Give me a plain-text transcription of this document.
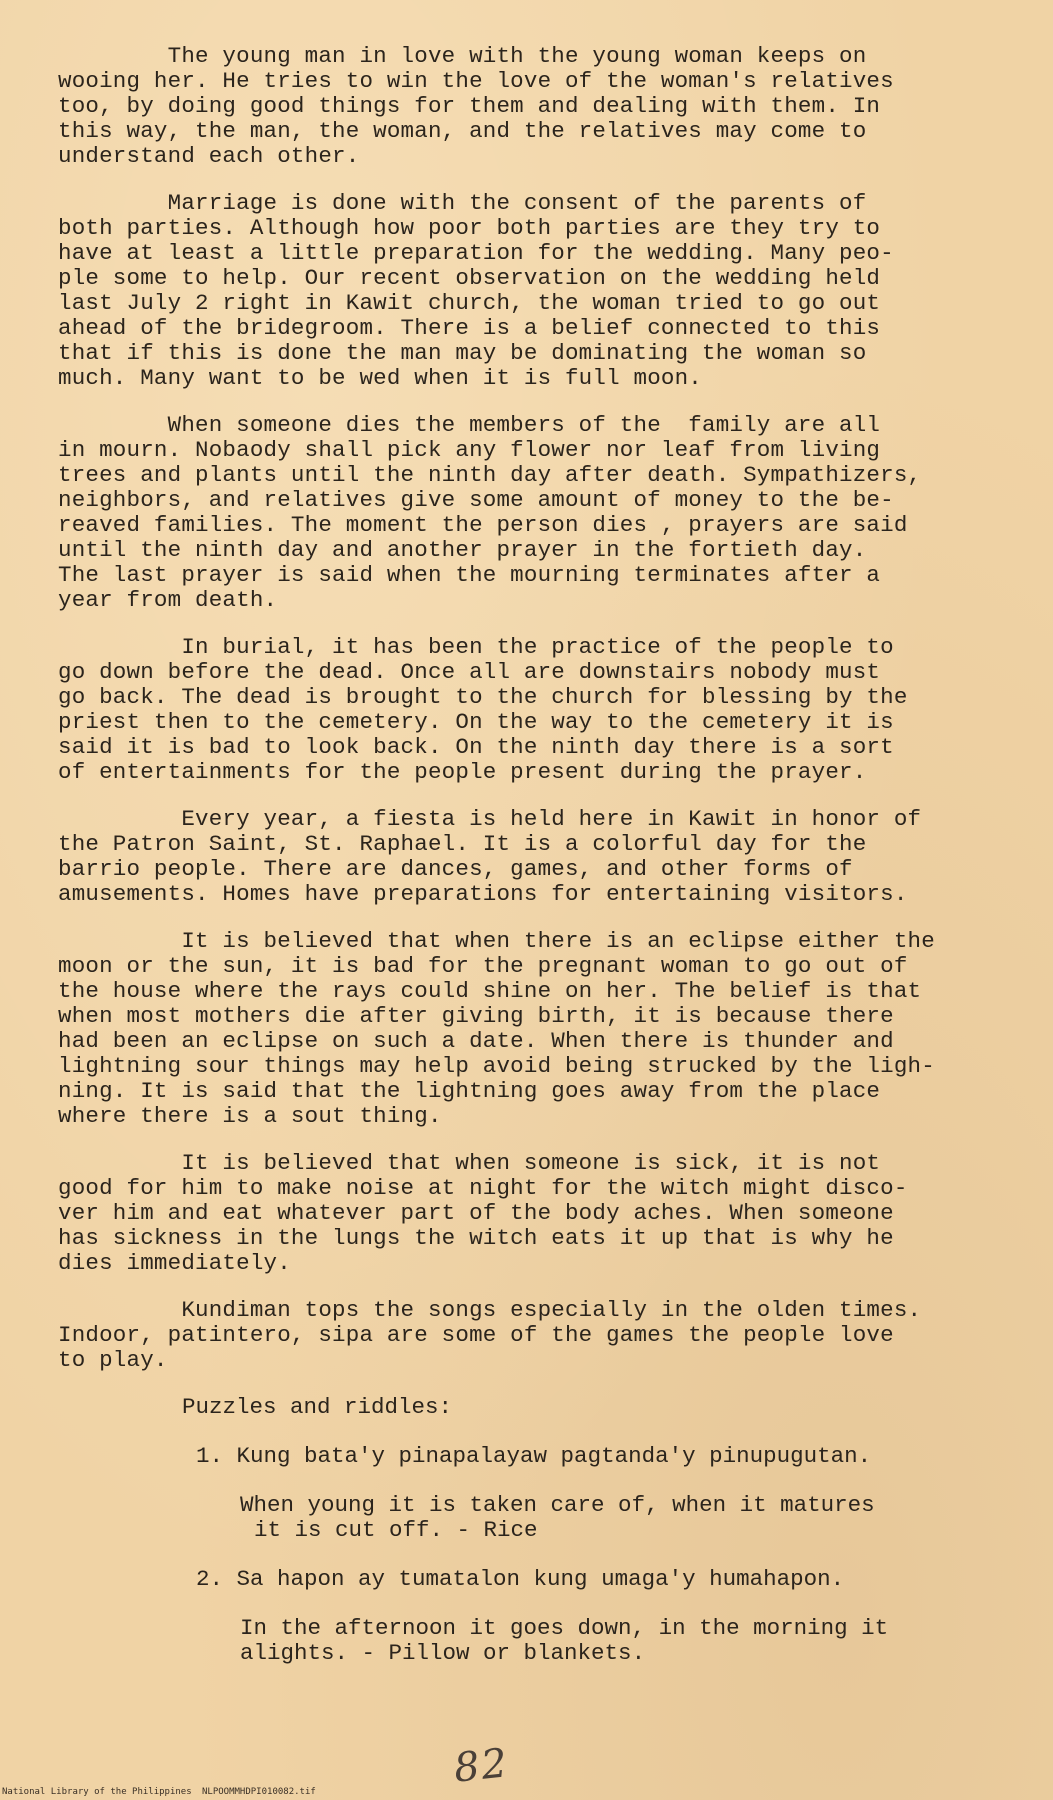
The young man in love with the young woman keeps on
wooing her. He tries to win the love of the woman's relatives
too, by doing good things for them and dealing with them. In
this way, the man, the woman, and the relatives may come to
understand each other.
Marriage is done with the consent of the parents of
both parties. Although how poor both parties are they try to
have at least a little preparation for the wedding. Many peo-
ple some to help. Our recent observation on the wedding held
last July 2 right in Kawit church, the woman tried to go out
ahead of the bridegroom. There is a belief connected to this
that if this is done the man may be dominating the woman so
much. Many want to be wed when it is full moon.
When someone dies the members of the  family are all
in mourn. Nobaody shall pick any flower nor leaf from living
trees and plants until the ninth day after death. Sympathizers,
neighbors, and relatives give some amount of money to the be-
reaved families. The moment the person dies , prayers are said
until the ninth day and another prayer in the fortieth day.
The last prayer is said when the mourning terminates after a
year from death.
In burial, it has been the practice of the people to
go down before the dead. Once all are downstairs nobody must
go back. The dead is brought to the church for blessing by the
priest then to the cemetery. On the way to the cemetery it is
said it is bad to look back. On the ninth day there is a sort
of entertainments for the people present during the prayer.
Every year, a fiesta is held here in Kawit in honor of
the Patron Saint, St. Raphael. It is a colorful day for the
barrio people. There are dances, games, and other forms of
amusements. Homes have preparations for entertaining visitors.
It is believed that when there is an eclipse either the
moon or the sun, it is bad for the pregnant woman to go out of
the house where the rays could shine on her. The belief is that
when most mothers die after giving birth, it is because there
had been an eclipse on such a date. When there is thunder and
lightning sour things may help avoid being strucked by the ligh-
ning. It is said that the lightning goes away from the place
where there is a sout thing.
It is believed that when someone is sick, it is not
good for him to make noise at night for the witch might disco-
ver him and eat whatever part of the body aches. When someone
has sickness in the lungs the witch eats it up that is why he
dies immediately.
Kundiman tops the songs especially in the olden times.
Indoor, patintero, sipa are some of the games the people love
to play.
Puzzles and riddles:
1. Kung bata'y pinapalayaw pagtanda'y pinupugutan.
When young it is taken care of, when it matures
it is cut off. - Rice
2. Sa hapon ay tumatalon kung umaga'y humahapon.
In the afternoon it goes down, in the morning it
alights. - Pillow or blankets.
82
National Library of the Philippines NLPOOMMHDPI010082.tif
